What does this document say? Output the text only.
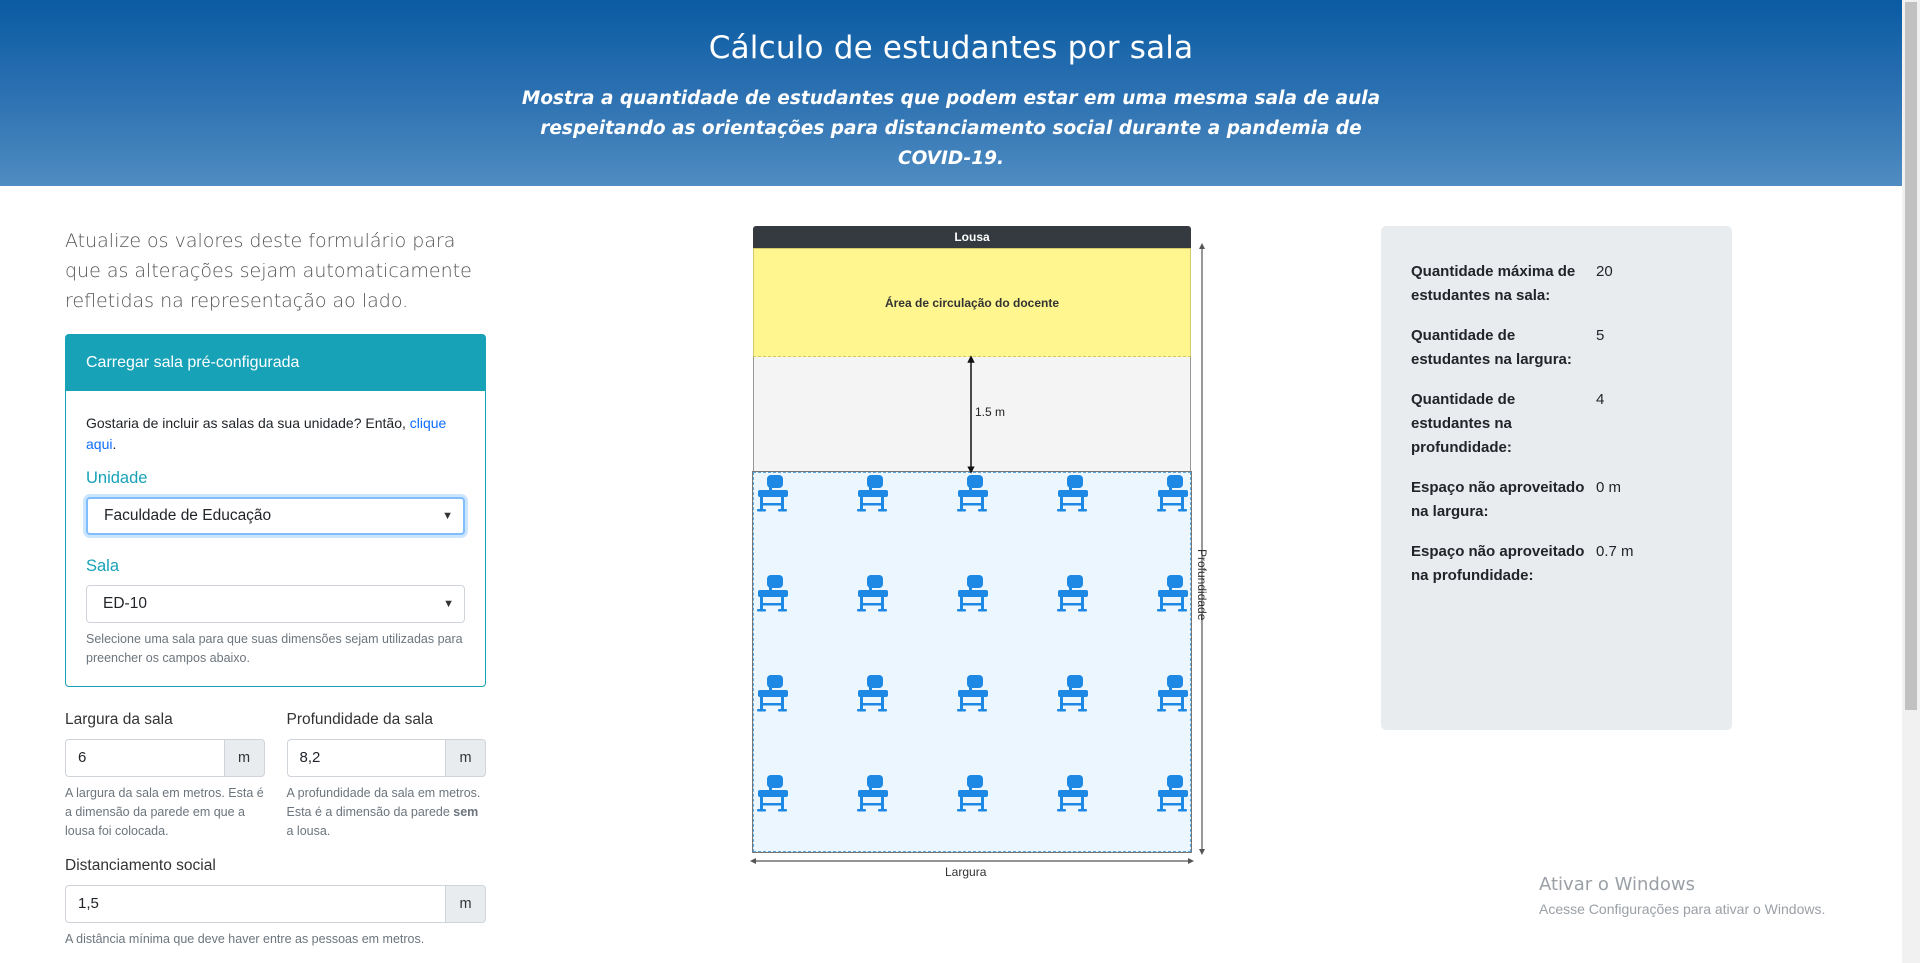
Cálculo de estudantes por sala

Mostra a quantidade de estudantes que podem estar em uma mesma sala de aula respeitando as orientações para distanciamento social durante a pandemia de COVID-19.

Atualize os valores deste formulário para que as alterações sejam automaticamente refletidas na representação ao lado.

Carregar sala pré-configurada

Gostaria de incluir as salas da sua unidade? Então, clique aqui.

Unidade
Faculdade de Educação	▼
Sala
ED-10	▼

Selecione uma sala para que suas dimensões sejam utilizadas para preencher os campos abaixo.

Largura da sala
6	m

A largura da sala em metros. Esta é a dimensão da parede em que a lousa foi colocada.

Profundidade da sala
8,2	m

A profundidade da sala em metros. Esta é a dimensão da parede sem a lousa.

Distanciamento social
1,5	m

A distância mínima que deve haver entre as pessoas em metros.

Lousa
Área de circulação do docente
1.5 m
Largura
Profundidade
Quantidade máxima de estudantes na sala:
20
Quantidade de estudantes na largura:
5
Quantidade de estudantes na profundidade:
4
Espaço não aproveitado na largura:
0 m
Espaço não aproveitado na profundidade:
0.7 m
Ativar o Windows
Acesse Configurações para ativar o Windows.
